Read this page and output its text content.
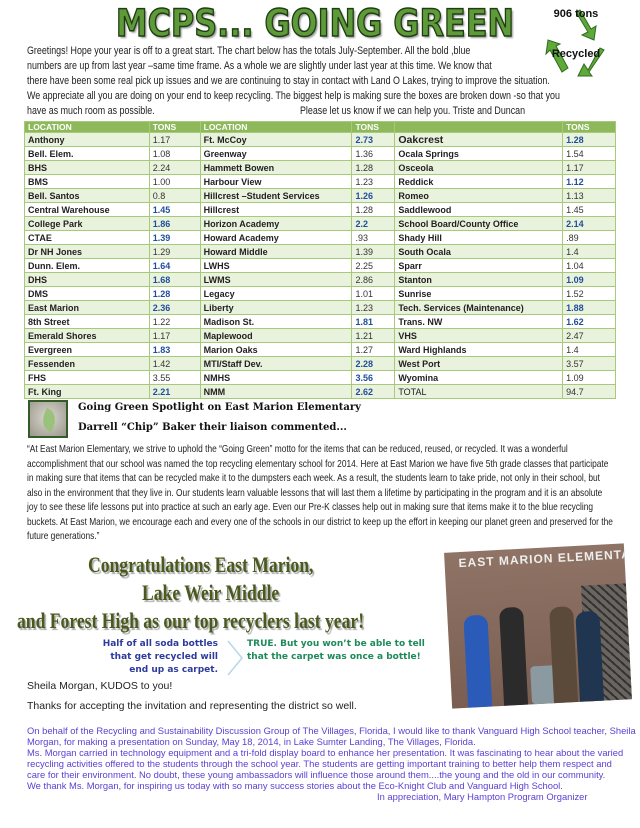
MCPS... GOING GREEN	906 tons
Recycled
Greetings! Hope your year is off to a great start. The chart below has the totals July-September. All the bold ,blue
numbers are up from last year –same time frame. As a whole we are slightly under last year at this time. We know that
there have been some real pick up issues and we are continuing to stay in contact with Land O Lakes, trying to improve the situation.
We appreciate all you are doing on your end to keep recycling. The biggest help is making sure the boxes are broken down -so that you
have as much room as possible.	Please let us know if we can help you. Triste and Duncan
LOCATION	TONS	LOCATION	TONS		TONS
Anthony	1.17	Ft. McCoy	2.73	Oakcrest	1.28
Bell. Elem.	1.08	Greenway	1.36	Ocala Springs	1.54
BHS	2.24	Hammett Bowen	1.28	Osceola	1.17
BMS	1.00	Harbour View	1.23	Reddick	1.12
Bell. Santos	0.8	Hillcrest –Student Services	1.26	Romeo	1.13
Central Warehouse	1.45	Hillcrest	1.28	Saddlewood	1.45
College Park	1.86	Horizon Academy	2.2	School Board/County Office	2.14
CTAE	1.39	Howard Academy	.93	Shady Hill	.89
Dr NH Jones	1.29	Howard Middle	1.39	South Ocala	1.4
Dunn. Elem.	1.64	LWHS	2.25	Sparr	1.04
DHS	1.68	LWMS	2.86	Stanton	1.09
DMS	1.28	Legacy	1.01	Sunrise	1.52
East Marion	2.36	Liberty	1.23	Tech. Services (Maintenance)	1.88
8th Street	1.22	Madison St.	1.81	Trans. NW	1.62
Emerald Shores	1.17	Maplewood	1.21	VHS	2.47
Evergreen	1.83	Marion Oaks	1.27	Ward Highlands	1.4
Fessenden	1.42	MTI/Staff Dev.	2.28	West Port	3.57
FHS	3.55	NMHS	3.56	Wyomina	1.09
Ft. King	2.21	NMM	2.62	TOTAL	94.7
Going Green Spotlight on East Marion Elementary
Darrell “Chip” Baker their liaison commented...
“At East Marion Elementary, we strive to uphold the “Going Green” motto for the items that can be reduced, reused, or recycled. It was a wonderful accomplishment that our school was named the top recycling elementary school for 2014. Here at East Marion we have five 5th grade classes that participate in making sure that items that can be recycled make it to the dumpsters each week. As a result, the students learn to take pride, not only in their school, but also in the environment that they live in. Our students learn valuable lessons that will last them a lifetime by participating in the program and it is an absolute joy to see these life lessons put into practice at such an early age. Even our Pre-K classes help out in making sure that items make it to the blue recycling buckets. At East Marion, we encourage each and every one of the schools in our district to keep up the effort in keeping our planet green and preserved for the future generations.”
Congratulations East Marion,
Lake Weir Middle
and Forest High as our top recyclers last year!
EAST MARION ELEMENTA
Half of all soda bottles that get recycled will end up as carpet.
TRUE. But you won’t be able to tell that the carpet was once a bottle!
Sheila Morgan, KUDOS to you!
Thanks for accepting the invitation and representing the district so well.

On behalf of the Recycling and Sustainability Discussion Group of The Villages, Florida, I would like to thank Vanguard High School teacher, Sheila

Morgan, for making a presentation on Sunday, May 18, 2014, in Lake Sumter Landing, The Villages, Florida.

Ms. Morgan carried in technology equipment and a tri-fold display board to enhance her presentation. It was fascinating to hear about the varied

recycling activities offered to the students through the school year. The students are getting important training to better help them respect and

care for their environment. No doubt, these young ambassadors will influence those around them....the young and the old in our community.

We thank Ms. Morgan, for inspiring us today with so many success stories about the Eco-Knight Club and Vanguard High School.

In appreciation, Mary Hampton Program Organizer
